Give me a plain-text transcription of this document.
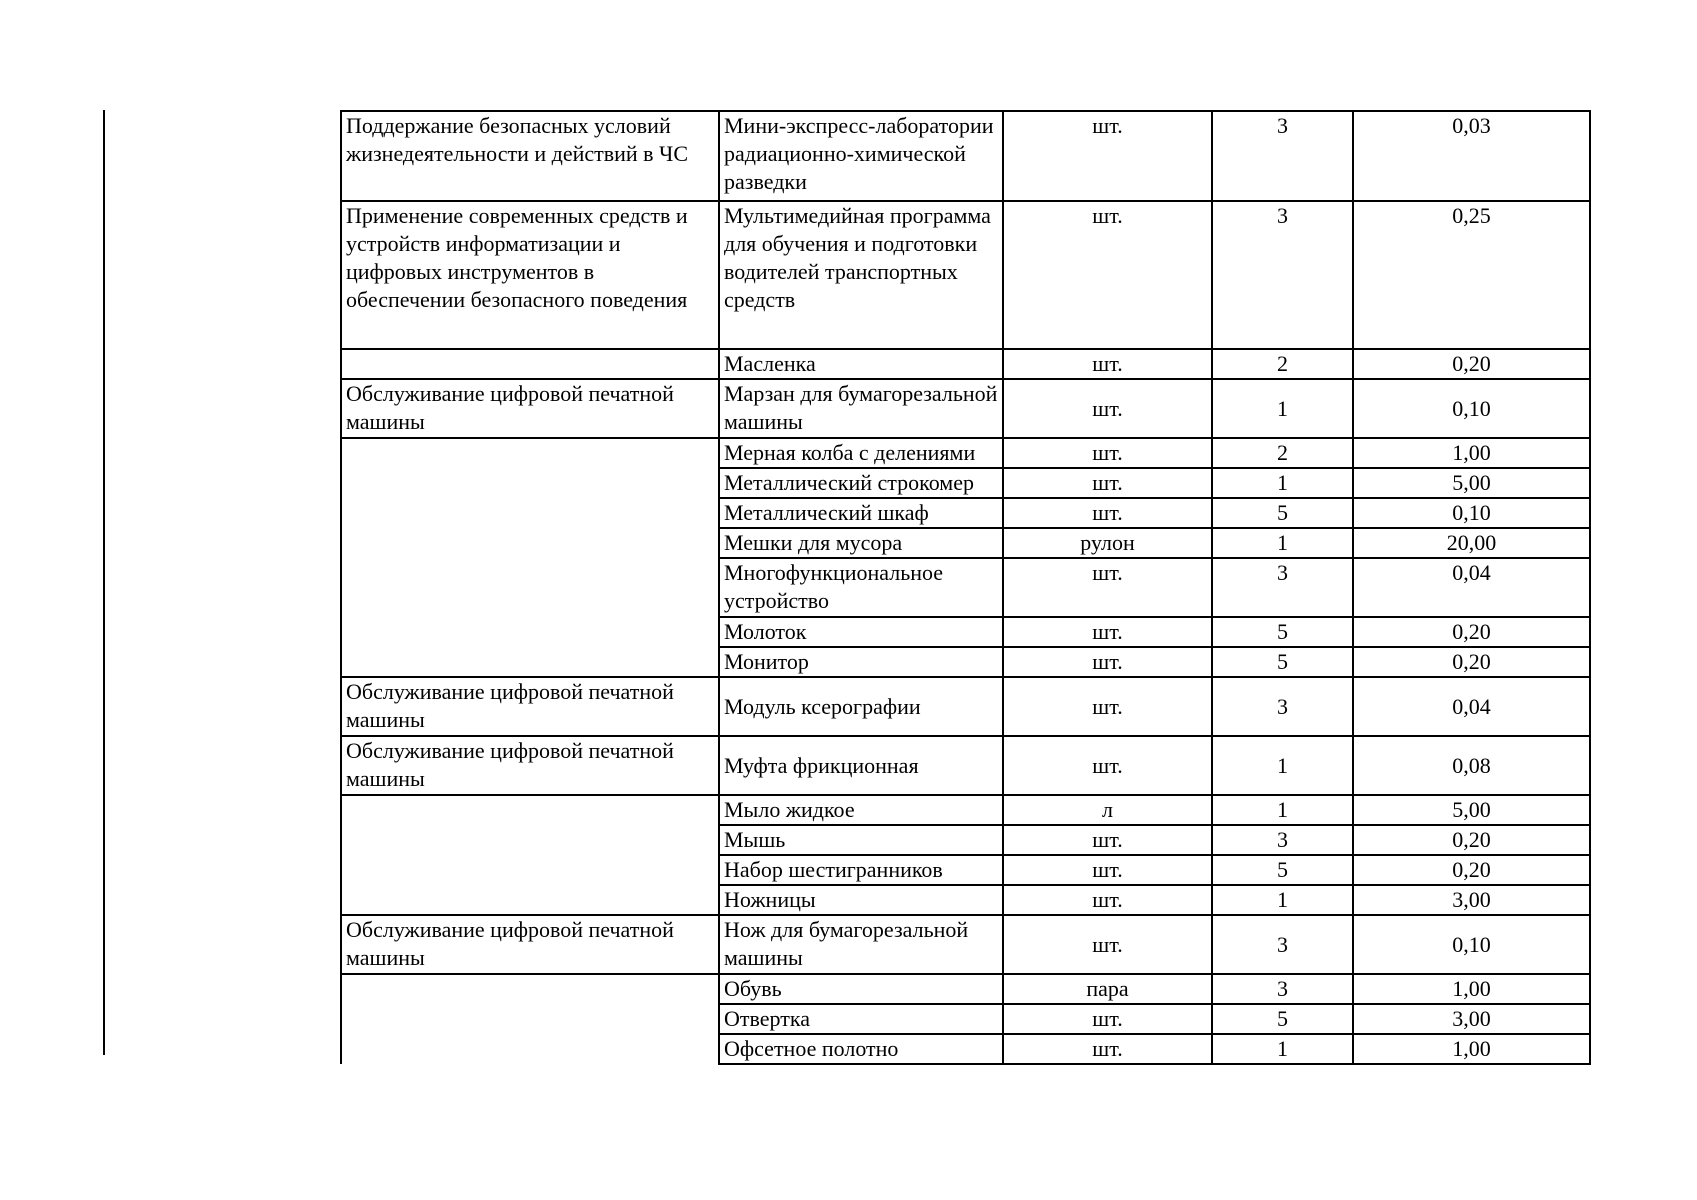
Поддержание безопасных условий жизнедеятельности и действий в ЧС	Мини-экспресс-лаборатории радиационно-химической разведки	шт.	3	0,03
Применение современных средств и устройств информатизации и цифровых инструментов в обеспечении безопасного поведения	Мультимедийная программа для обучения и подготовки водителей транспортных средств	шт.	3	0,25
	Масленка	шт.	2	0,20
Обслуживание цифровой печатной машины	Марзан для бумагорезальной машины	шт.	1	0,10
	Мерная колба с делениями	шт.	2	1,00
	Металлический строкомер	шт.	1	5,00
	Металлический шкаф	шт.	5	0,10
	Мешки для мусора	рулон	1	20,00
	Многофункциональное устройство	шт.	3	0,04
	Молоток	шт.	5	0,20
	Монитор	шт.	5	0,20
Обслуживание цифровой печатной машины	Модуль ксерографии	шт.	3	0,04
Обслуживание цифровой печатной машины	Муфта фрикционная	шт.	1	0,08
	Мыло жидкое	л	1	5,00
	Мышь	шт.	3	0,20
	Набор шестигранников	шт.	5	0,20
	Ножницы	шт.	1	3,00
Обслуживание цифровой печатной машины	Нож для бумагорезальной машины	шт.	3	0,10
	Обувь	пара	3	1,00
	Отвертка	шт.	5	3,00
	Офсетное полотно	шт.	1	1,00
